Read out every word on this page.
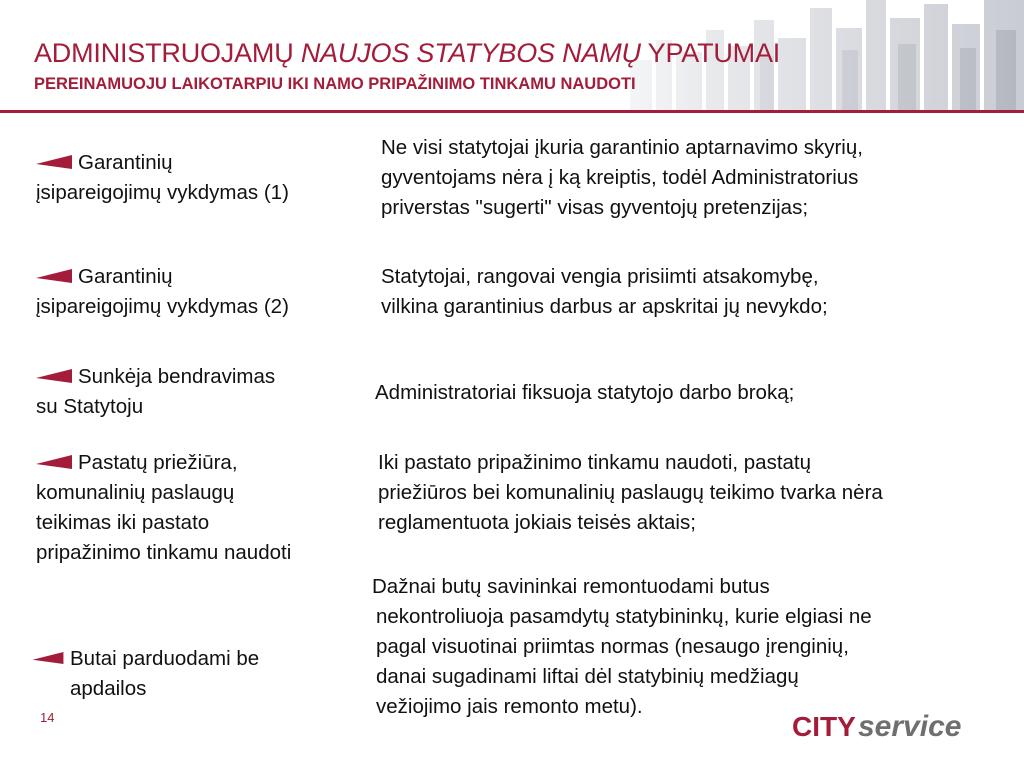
ADMINISTRUOJAMŲ NAUJOS STATYBOS NAMŲ YPATUMAI
PEREINAMUOJU LAIKOTARPIU IKI NAMO PRIPAŽINIMO TINKAMU NAUDOTI
Garantinių
įsipareigojimų vykdymas (1)

Ne visi statytojai įkuria garantinio aptarnavimo skyrių,
gyventojams nėra į ką kreiptis, todėl Administratorius
priverstas "sugerti" visas gyventojų pretenzijas;

Garantinių
įsipareigojimų vykdymas (2)

Statytojai, rangovai vengia prisiimti atsakomybę,
vilkina garantinius darbus ar apskritai jų nevykdo;

Sunkėja bendravimas
su Statytoju

Administratoriai fiksuoja statytojo darbo broką;

Pastatų priežiūra,
komunalinių paslaugų
teikimas iki pastato
pripažinimo tinkamu naudoti

Iki pastato pripažinimo tinkamu naudoti, pastatų
priežiūros bei komunalinių paslaugų teikimo tvarka nėra
reglamentuota jokiais teisės aktais;

Butai parduodami be
apdailos

Dažnai butų savininkai remontuodami butus
nekontroliuoja pasamdytų statybininkų, kurie elgiasi ne
pagal visuotinai priimtas normas (nesaugo įrenginių,
danai sugadinami liftai dėl statybinių medžiagų
vežiojimo jais remonto metu).

14	CITY service
